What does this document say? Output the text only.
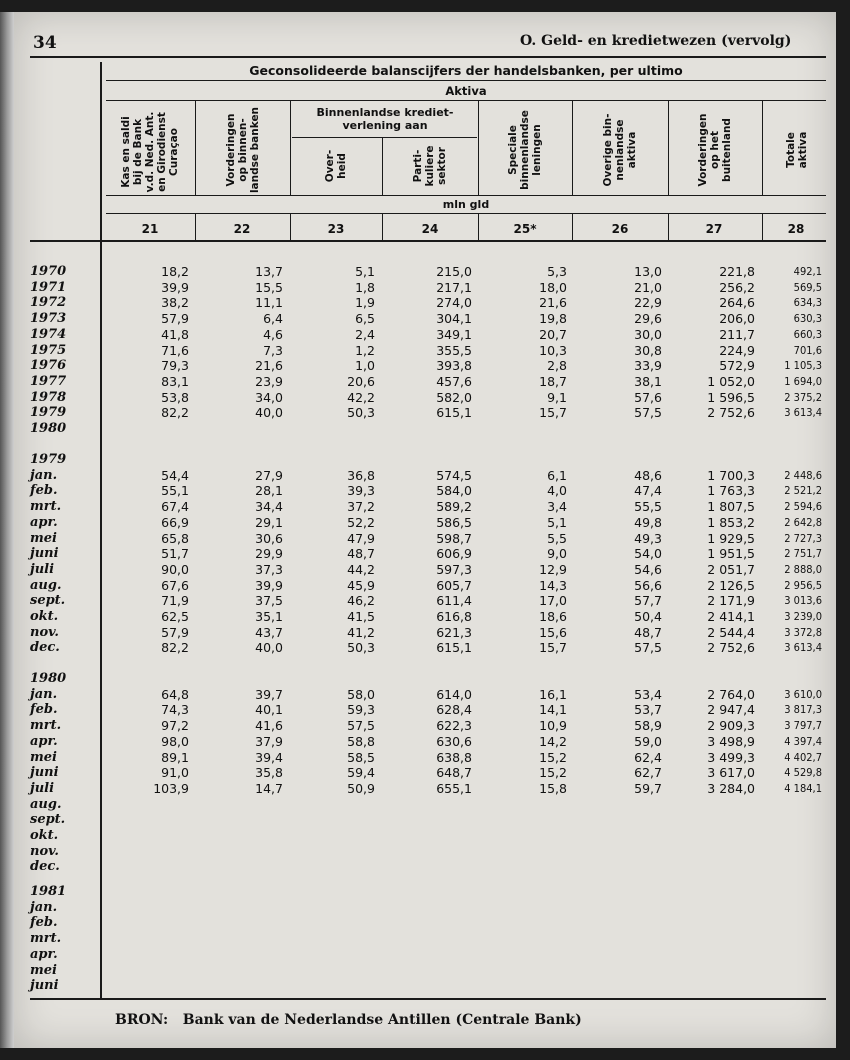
34	O. Geld- en kredietwezen (vervolg)
Geconsolideerde balanscijfers der handelsbanken, per ultimo
Aktiva
Binnenlandse krediet-
verlening aan
Kas en saldi
bij de Bank
v.d. Ned. Ant.
en Girodienst
Curaçao	Vorderingen
op binnen-
landse banken
Over-
heid	Parti-
kuliere
sektor	Speciale
binnenlandse
leningen	Overige bin-
nenlandse
aktiva	Vorderingen
op het
buitenland	Totale
aktiva
mln gld
21	22	23	24	25*	26	27	28
1970	18,2	13,7	5,1	215,0	5,3	13,0	221,8	492,1
1971	39,9	15,5	1,8	217,1	18,0	21,0	256,2	569,5
1972	38,2	11,1	1,9	274,0	21,6	22,9	264,6	634,3
1973	57,9	6,4	6,5	304,1	19,8	29,6	206,0	630,3
1974	41,8	4,6	2,4	349,1	20,7	30,0	211,7	660,3
1975	71,6	7,3	1,2	355,5	10,3	30,8	224,9	701,6
1976	79,3	21,6	1,0	393,8	2,8	33,9	572,9	1 105,3
1977	83,1	23,9	20,6	457,6	18,7	38,1	1 052,0	1 694,0
1978	53,8	34,0	42,2	582,0	9,1	57,6	1 596,5	2 375,2
1979	82,2	40,0	50,3	615,1	15,7	57,5	2 752,6	3 613,4
1980
1979
jan.	54,4	27,9	36,8	574,5	6,1	48,6	1 700,3	2 448,6
feb.	55,1	28,1	39,3	584,0	4,0	47,4	1 763,3	2 521,2
mrt.	67,4	34,4	37,2	589,2	3,4	55,5	1 807,5	2 594,6
apr.	66,9	29,1	52,2	586,5	5,1	49,8	1 853,2	2 642,8
mei	65,8	30,6	47,9	598,7	5,5	49,3	1 929,5	2 727,3
juni	51,7	29,9	48,7	606,9	9,0	54,0	1 951,5	2 751,7
juli	90,0	37,3	44,2	597,3	12,9	54,6	2 051,7	2 888,0
aug.	67,6	39,9	45,9	605,7	14,3	56,6	2 126,5	2 956,5
sept.	71,9	37,5	46,2	611,4	17,0	57,7	2 171,9	3 013,6
okt.	62,5	35,1	41,5	616,8	18,6	50,4	2 414,1	3 239,0
nov.	57,9	43,7	41,2	621,3	15,6	48,7	2 544,4	3 372,8
dec.	82,2	40,0	50,3	615,1	15,7	57,5	2 752,6	3 613,4
1980
jan.	64,8	39,7	58,0	614,0	16,1	53,4	2 764,0	3 610,0
feb.	74,3	40,1	59,3	628,4	14,1	53,7	2 947,4	3 817,3
mrt.	97,2	41,6	57,5	622,3	10,9	58,9	2 909,3	3 797,7
apr.	98,0	37,9	58,8	630,6	14,2	59,0	3 498,9	4 397,4
mei	89,1	39,4	58,5	638,8	15,2	62,4	3 499,3	4 402,7
juni	91,0	35,8	59,4	648,7	15,2	62,7	3 617,0	4 529,8
juli	103,9	14,7	50,9	655,1	15,8	59,7	3 284,0	4 184,1
aug.
sept.
okt.
nov.
dec.
1981
jan.
feb.
mrt.
apr.
mei
juni
BRON:   Bank van de Nederlandse Antillen (Centrale Bank)
